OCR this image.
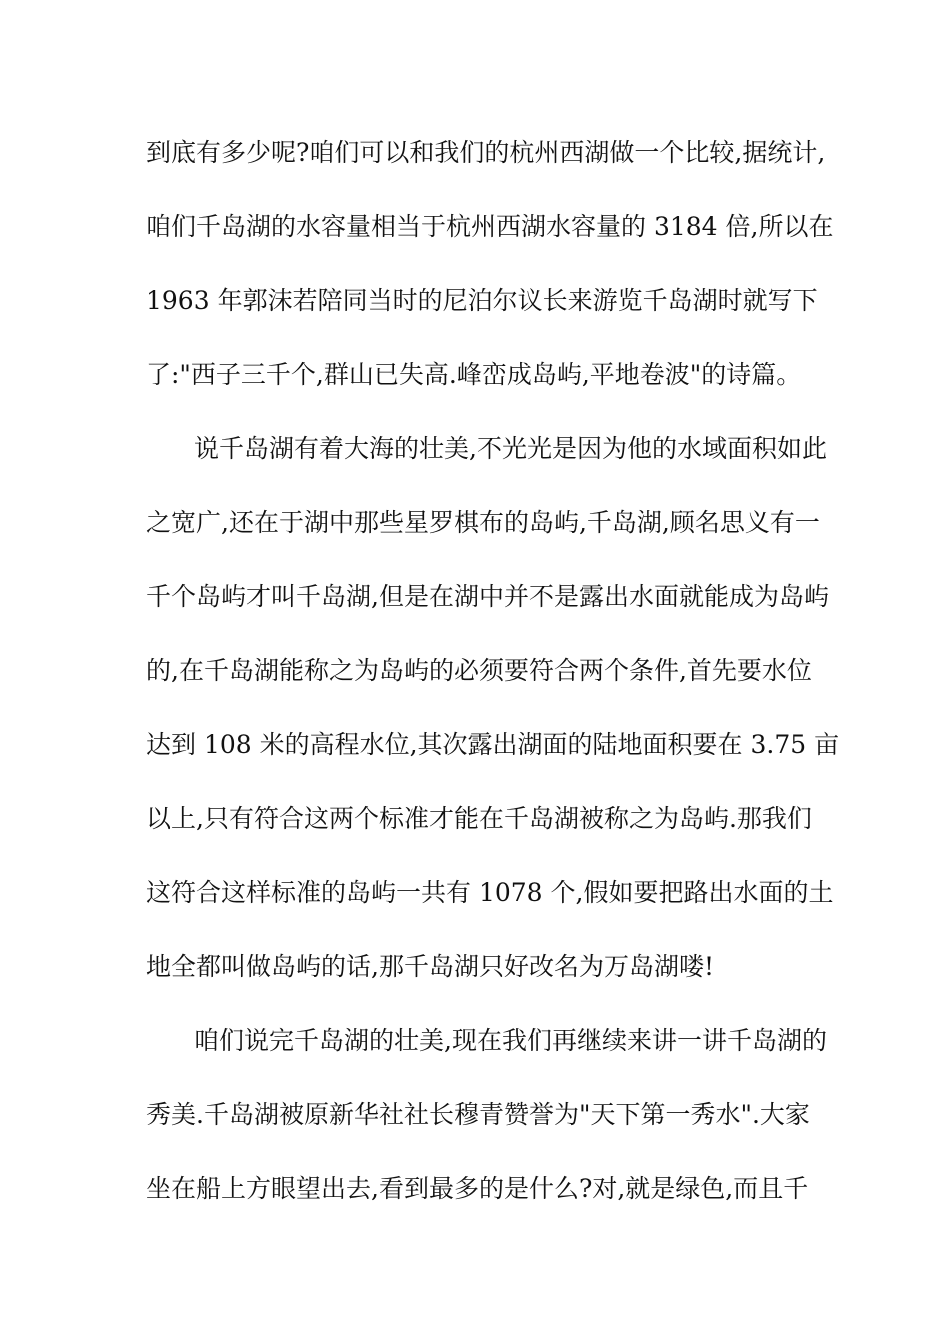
到底有多少呢?咱们可以和我们的杭州西湖做一个比较,据统计,
咱们千岛湖的水容量相当于杭州西湖水容量的 3184 倍,所以在
1963 年郭沫若陪同当时的尼泊尔议长来游览千岛湖时就写下
了:"西子三千个,群山已失高.峰峦成岛屿,平地卷波"的诗篇。
说千岛湖有着大海的壮美,不光光是因为他的水域面积如此
之宽广,还在于湖中那些星罗棋布的岛屿,千岛湖,顾名思义有一
千个岛屿才叫千岛湖,但是在湖中并不是露出水面就能成为岛屿
的,在千岛湖能称之为岛屿的必须要符合两个条件,首先要水位
达到 108 米的高程水位,其次露出湖面的陆地面积要在 3.75 亩
以上,只有符合这两个标准才能在千岛湖被称之为岛屿.那我们
这符合这样标准的岛屿一共有 1078 个,假如要把路出水面的土
地全都叫做岛屿的话,那千岛湖只好改名为万岛湖喽!
咱们说完千岛湖的壮美,现在我们再继续来讲一讲千岛湖的
秀美.千岛湖被原新华社社长穆青赞誉为"天下第一秀水".大家
坐在船上方眼望出去,看到最多的是什么?对,就是绿色,而且千
